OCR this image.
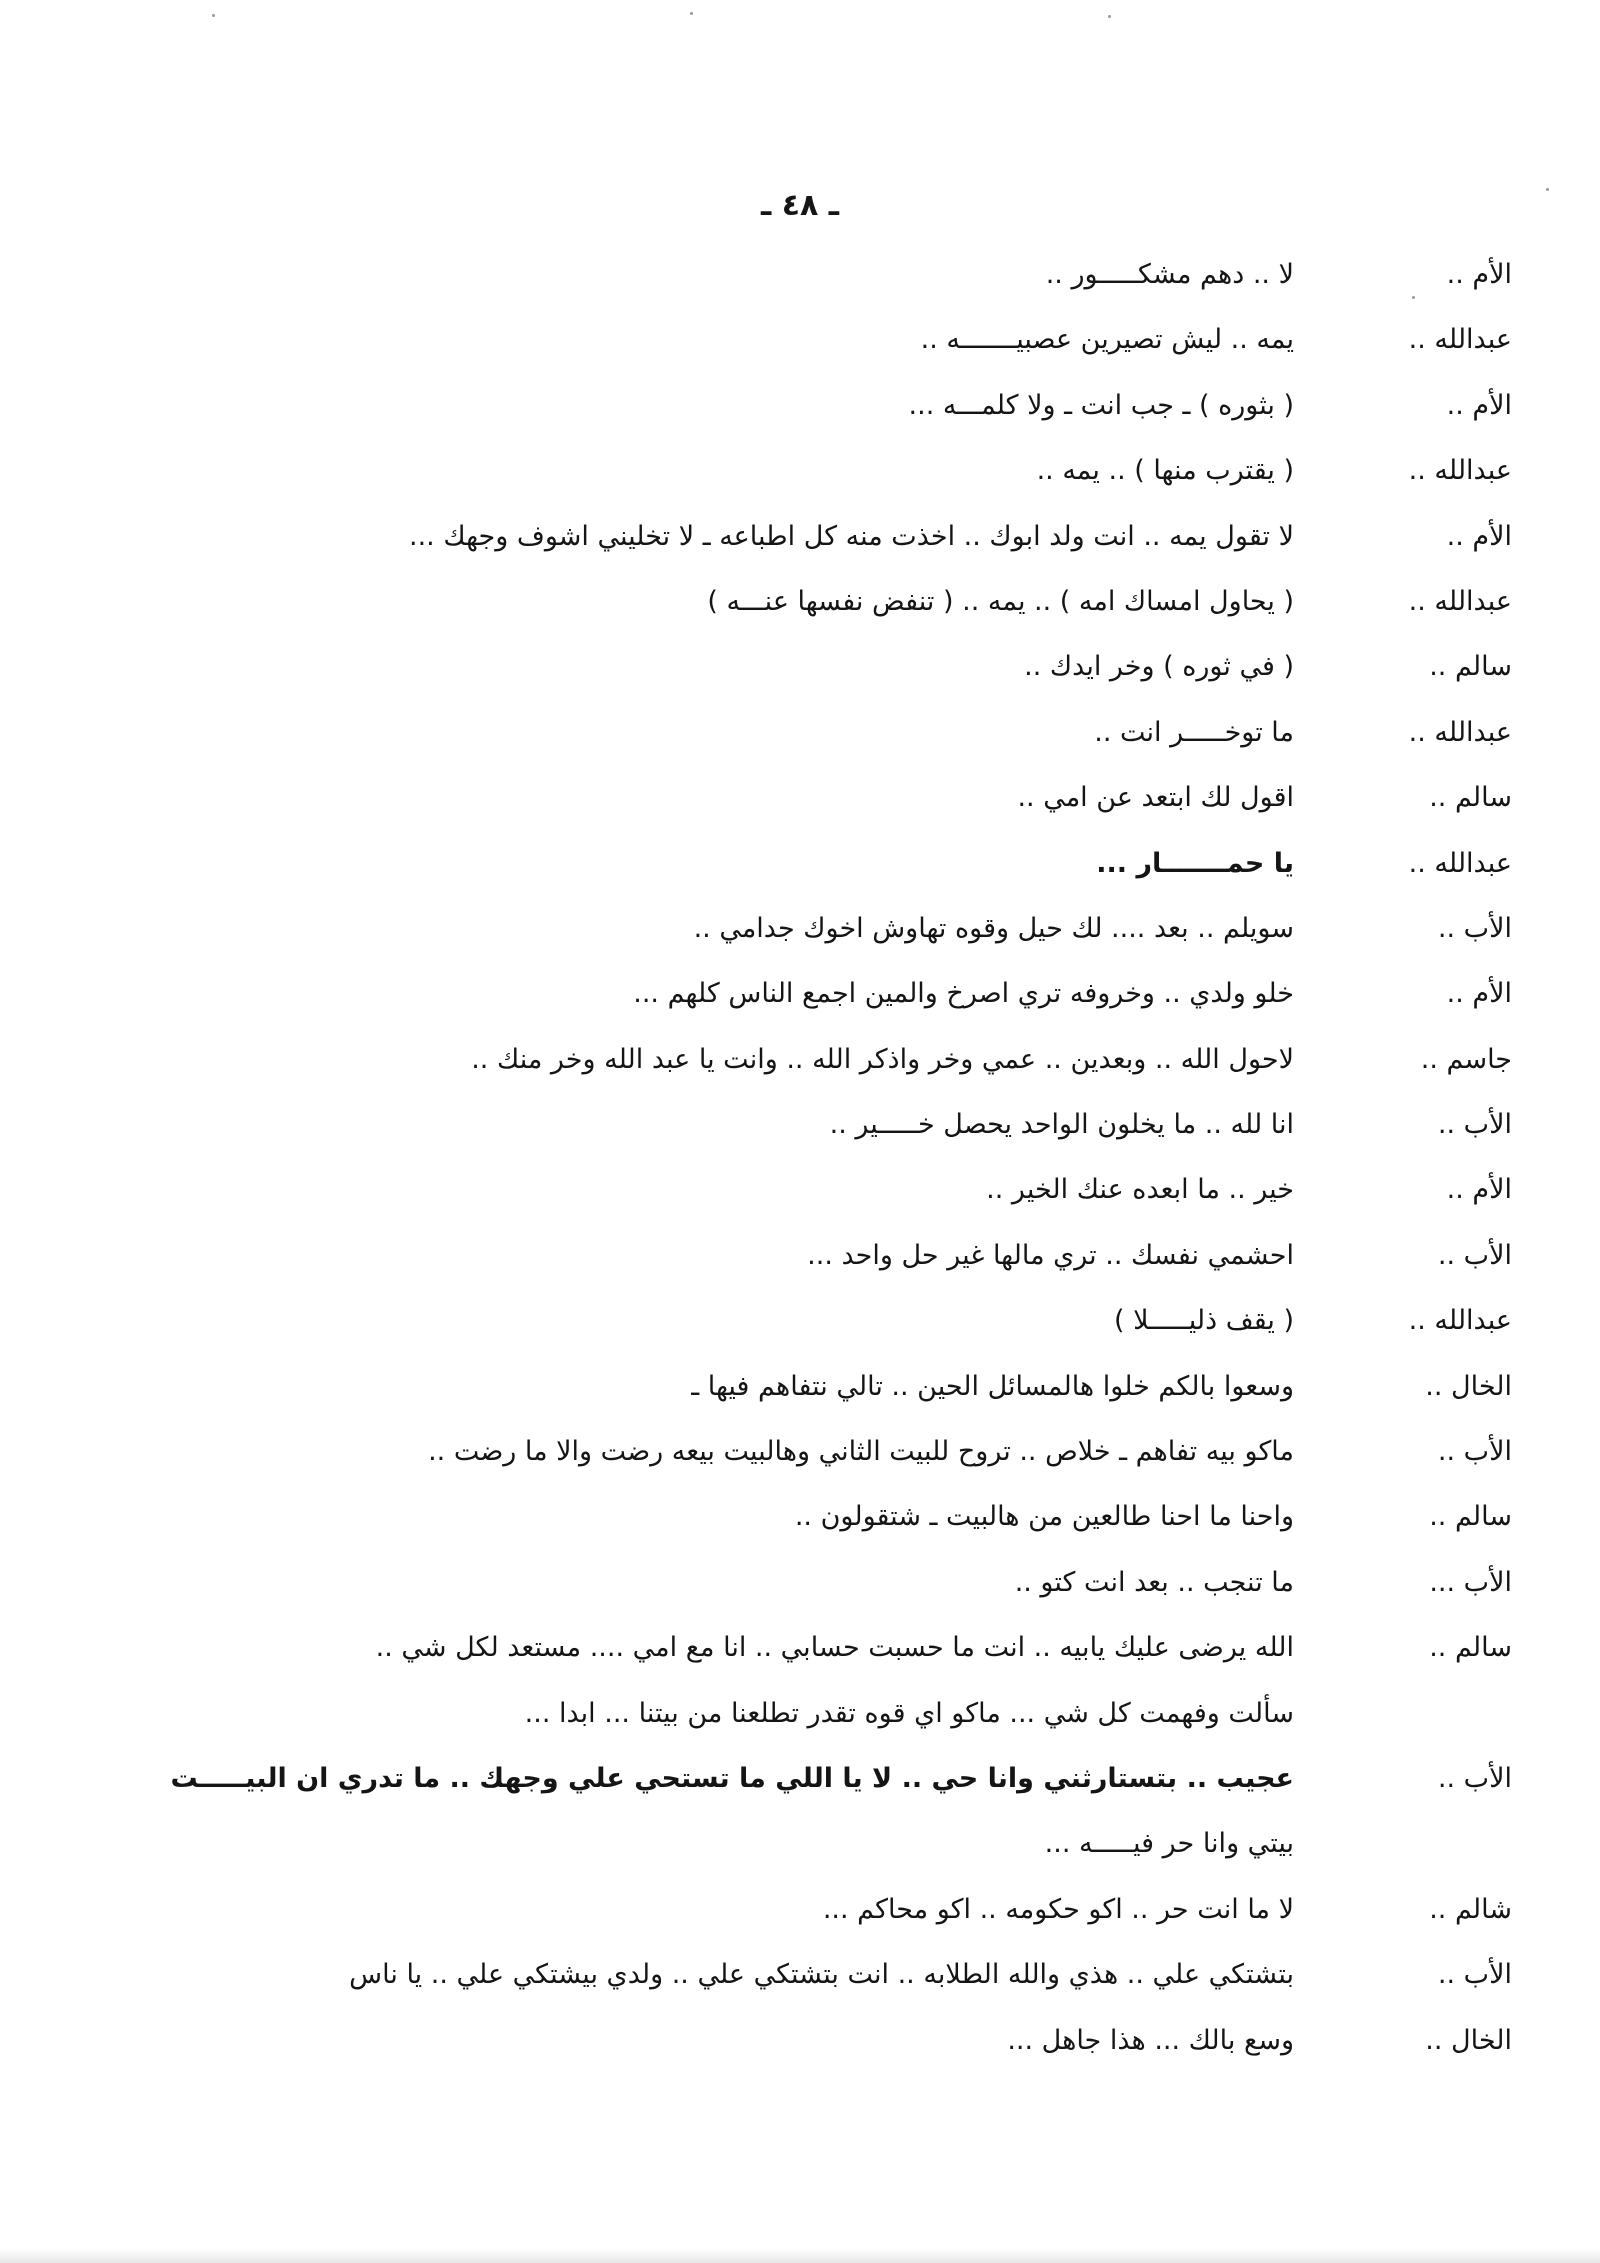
ـ ٤٨ ـ
الأم ..
لا .. دهم مشكـــــور ..
عبدالله ..
يمه .. ليش تصيرين عصبيـــــــه ..
الأم ..
( بثوره ) ـ جب انت ـ ولا كلمـــه ...
عبدالله ..
( يقترب منها ) .. يمه ..
الأم ..
لا تقول يمه .. انت ولد ابوك .. اخذت منه كل اطباعه ـ لا تخليني اشوف وجهك ...
عبدالله ..
( يحاول امساك امه ) .. يمه .. ( تنفض نفسها عنـــه )
سالم ..
( في ثوره ) وخر ايدك ..
عبدالله ..
ما توخـــــر انت ..
سالم ..
اقول لك ابتعد عن امي ..
عبدالله ..
يا حمـــــــار ...
الأب ..
سويلم .. بعد .... لك حيل وقوه تهاوش اخوك جدامي ..
الأم ..
خلو ولدي .. وخروفه تري اصرخ والمين اجمع الناس كلهم ...
جاسم ..
لاحول الله .. وبعدين .. عمي وخر واذكر الله .. وانت يا عبد الله وخر منك ..
الأب ..
انا لله .. ما يخلون الواحد يحصل خـــــير ..
الأم ..
خير .. ما ابعده عنك الخير ..
الأب ..
احشمي نفسك .. تري مالها غير حل واحد ...
عبدالله ..
( يقف ذليـــــلا )
الخال ..
وسعوا بالكم خلوا هالمسائل الحين .. تالي نتفاهم فيها ـ
الأب ..
ماكو بيه تفاهم ـ خلاص .. تروح للبيت الثاني وهالبيت بيعه رضت والا ما رضت ..
سالم ..
واحنا ما احنا طالعين من هالبيت ـ شتقولون ..
الأب ...
ما تنجب .. بعد انت كتو ..
سالم ..
الله يرضى عليك يابيه .. انت ما حسبت حسابي .. انا مع امي .... مستعد لكل شي ..
سألت وفهمت كل شي ... ماكو اي قوه تقدر تطلعنا من بيتنا ... ابدا ...
الأب ..
عجيب .. بتستارثني وانا حي .. لا يا اللي ما تستحي علي وجهك .. ما تدري ان البيـــــت
بيتي وانا حر فيـــــه ...
شالم ..
لا ما انت حر .. اكو حكومه .. اكو محاكم ...
الأب ..
بتشتكي علي .. هذي والله الطلابه .. انت بتشتكي علي .. ولدي بيشتكي علي .. يا ناس
الخال ..
وسع بالك ... هذا جاهل ...
